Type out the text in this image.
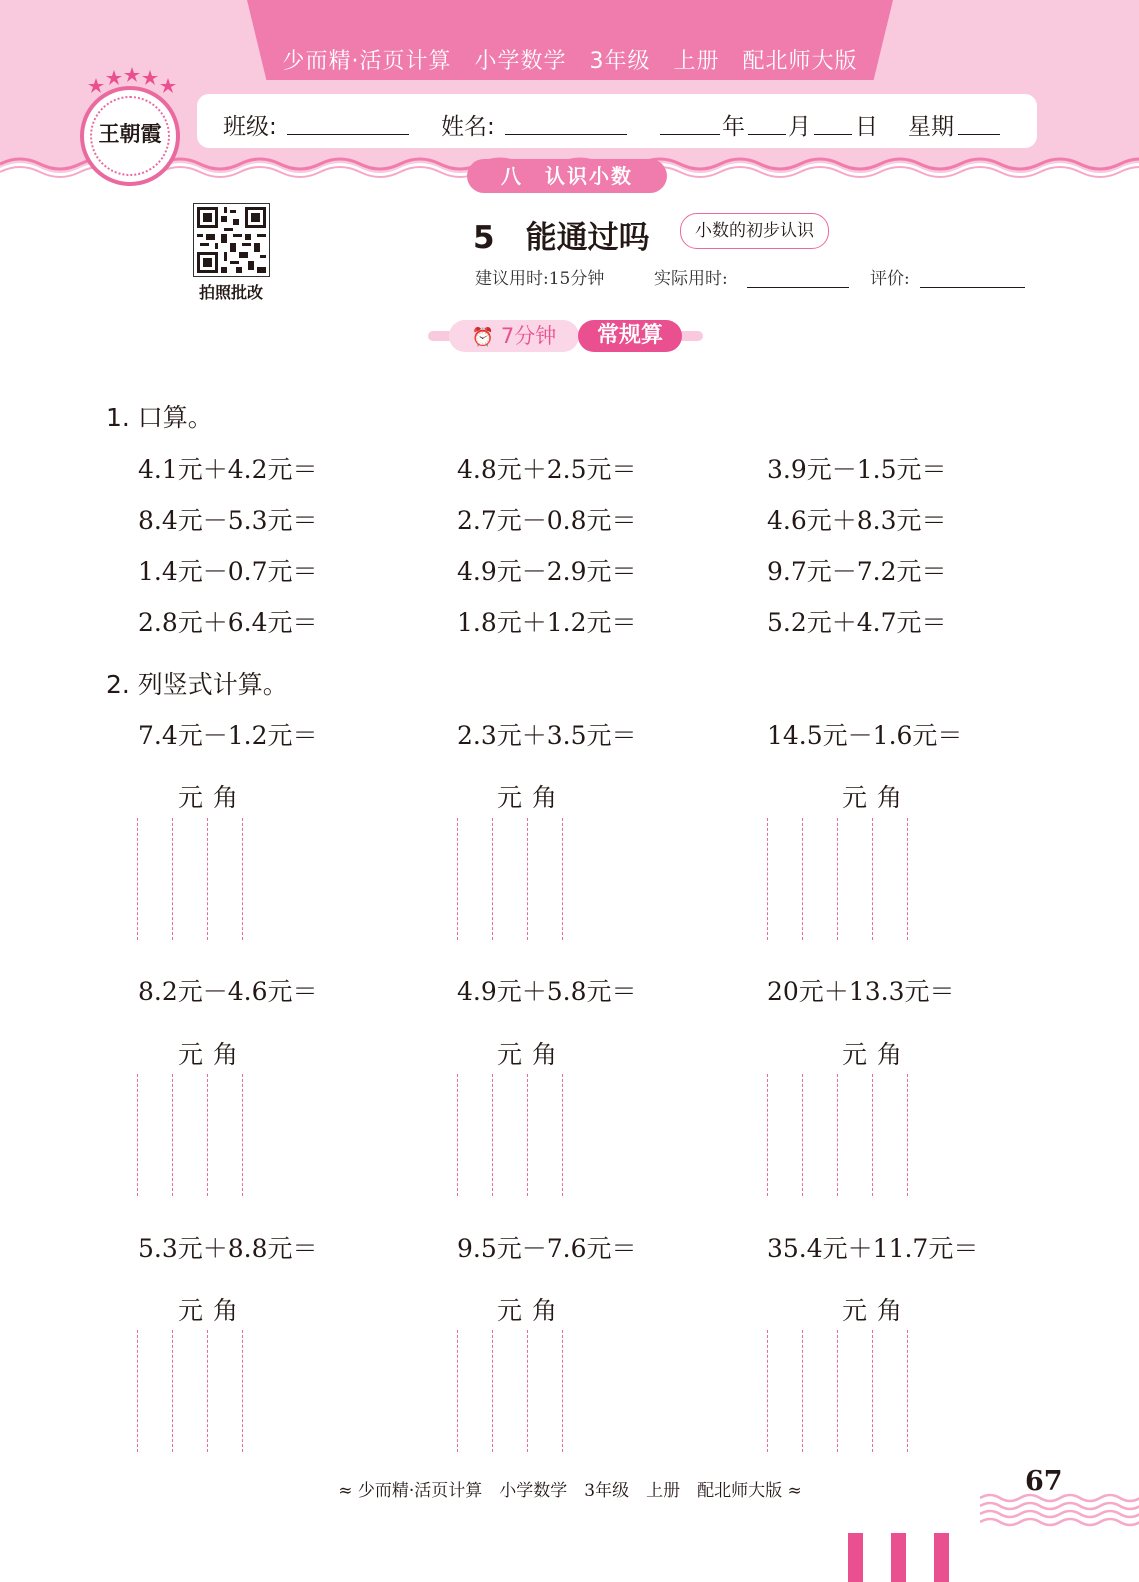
少而精·活页计算　小学数学　3年级　上册　配北师大版
班级:	姓名:	年 月 日 星期
王朝霞
八　认识小数
拍照批改
5　能通过吗	小数的初步认识
建议用时:15分钟	实际用时:	评价:
⏰ 7分钟	常规算
1. 口算。
4.1元＋4.2元＝	4.8元＋2.5元＝	3.9元－1.5元＝
8.4元－5.3元＝	2.7元－0.8元＝	4.6元＋8.3元＝
1.4元－0.7元＝	4.9元－2.9元＝	9.7元－7.2元＝
2.8元＋6.4元＝	1.8元＋1.2元＝	5.2元＋4.7元＝
2. 列竖式计算。
7.4元－1.2元＝	2.3元＋3.5元＝	14.5元－1.6元＝
元角	元角	元角
8.2元－4.6元＝	4.9元＋5.8元＝	20元＋13.3元＝
元角	元角	元角
5.3元＋8.8元＝	9.5元－7.6元＝	35.4元＋11.7元＝
元角	元角	元角
≈ 少而精·活页计算　小学数学　3年级　上册　配北师大版 ≈	67
